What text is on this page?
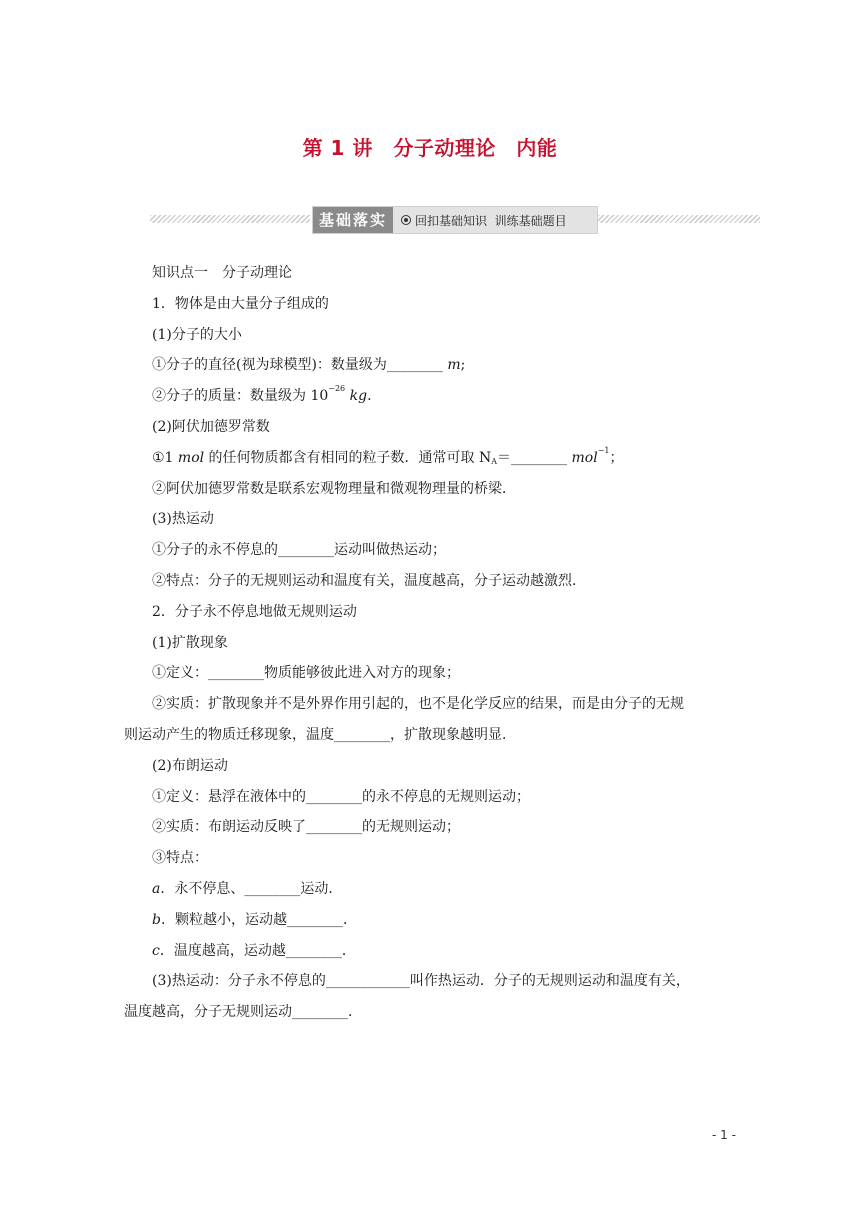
第 1 讲　分子动理论　内能
基础落实	回扣基础知识  训练基础题目
知识点一　分子动理论
1．物体是由大量分子组成的
(1)分子的大小
①分子的直径(视为球模型)：数量级为________ m;
②分子的质量：数量级为 $10^{-26}$ kg.
(2)阿伏加德罗常数
①1 mol 的任何物质都含有相同的粒子数．通常可取 $N_A=\_\_\_\_\_\_\_\_$ mol$^{-1}$；
②阿伏加德罗常数是联系宏观物理量和微观物理量的桥梁．
(3)热运动
①分子的永不停息的________运动叫做热运动；
②特点：分子的无规则运动和温度有关，温度越高，分子运动越激烈．
2．分子永不停息地做无规则运动
(1)扩散现象
①定义：________物质能够彼此进入对方的现象；
②实质：扩散现象并不是外界作用引起的，也不是化学反应的结果，而是由分子的无规
则运动产生的物质迁移现象，温度________，扩散现象越明显．
(2)布朗运动
①定义：悬浮在液体中的________的永不停息的无规则运动；
②实质：布朗运动反映了________的无规则运动；
③特点：
a．永不停息、________运动．
b．颗粒越小，运动越________．
c．温度越高，运动越________．
(3)热运动：分子永不停息的____________叫作热运动．分子的无规则运动和温度有关，
温度越高，分子无规则运动________．
- 1 -
